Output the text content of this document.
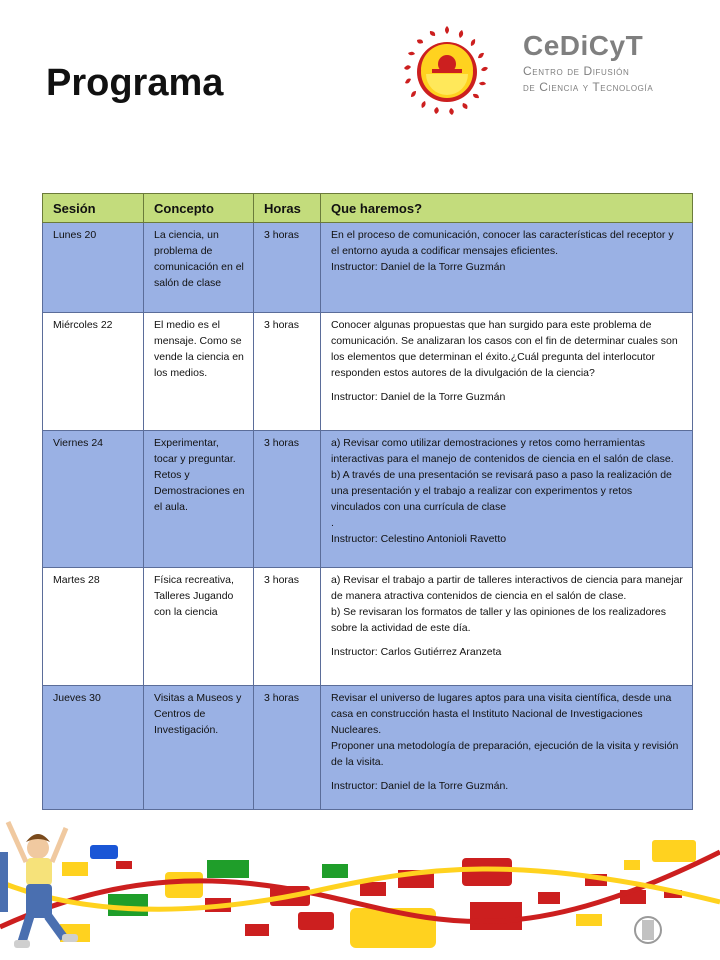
Programa
CeDiCyT
Centro de Difusión
de Ciencia y Tecnología
Sesión	Concepto	Horas	Que haremos?
Lunes 20	La ciencia, un problema de comunicación en el salón de clase	3 horas	En el proceso de comunicación, conocer las características del receptor y el entorno ayuda a codificar mensajes eficientes.
Instructor: Daniel de la Torre Guzmán
Miércoles 22	El medio es el mensaje. Como se vende la ciencia en los medios.	3 horas	Conocer algunas propuestas que han surgido para este problema de comunicación. Se analizaran los casos con el fin de determinar cuales son los elementos que determinan el éxito.¿Cuál pregunta del interlocutor responden estos autores de la divulgación de la ciencia?
Instructor: Daniel de la Torre Guzmán
Viernes 24	Experimentar, tocar y preguntar. Retos y Demostraciones en el aula.	3 horas	a) Revisar como utilizar demostraciones y retos como herramientas interactivas para el manejo de contenidos de ciencia en el salón de clase.
b) A través de una presentación se revisará paso a paso la realización de una presentación y el trabajo a realizar con experimentos y retos vinculados con una currícula de clase
.
Instructor: Celestino Antonioli Ravetto
Martes 28	Física recreativa, Talleres Jugando con la ciencia	3 horas	a) Revisar el trabajo a partir de talleres interactivos de ciencia para manejar de manera atractiva contenidos de ciencia en el salón de clase.
b) Se revisaran los formatos de taller y las opiniones de los realizadores sobre la actividad de este día.
Instructor: Carlos Gutiérrez Aranzeta
Jueves 30	Visitas a Museos y Centros de Investigación.	3 horas	Revisar el universo de lugares aptos para una visita científica, desde una casa en construcción hasta el Instituto Nacional de Investigaciones Nucleares.
Proponer una metodología de preparación, ejecución de la visita y revisión de la visita.
Instructor: Daniel de la Torre Guzmán.
